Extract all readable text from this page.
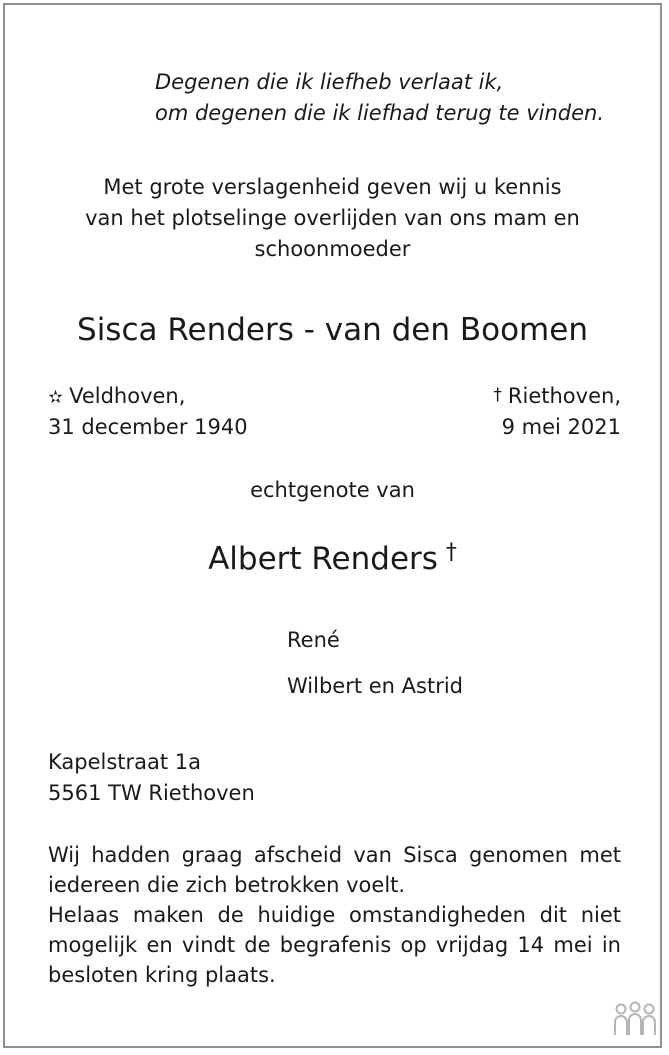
Degenen die ik liefheb verlaat ik,
om degenen die ik liefhad terug te vinden.
Met grote verslagenheid geven wij u kennis
van het plotselinge overlijden van ons mam en
schoonmoeder
Sisca Renders - van den Boomen
✫ Veldhoven,
31 december 1940
† Riethoven,
9 mei 2021
echtgenote van
Albert Renders †
René
Wilbert en Astrid
Kapelstraat 1a
5561 TW Riethoven
Wij hadden graag afscheid van Sisca genomen met
iedereen die zich betrokken voelt.
Helaas maken de huidige omstandigheden dit niet
mogelijk en vindt de begrafenis op vrijdag 14 mei in
besloten kring plaats.
